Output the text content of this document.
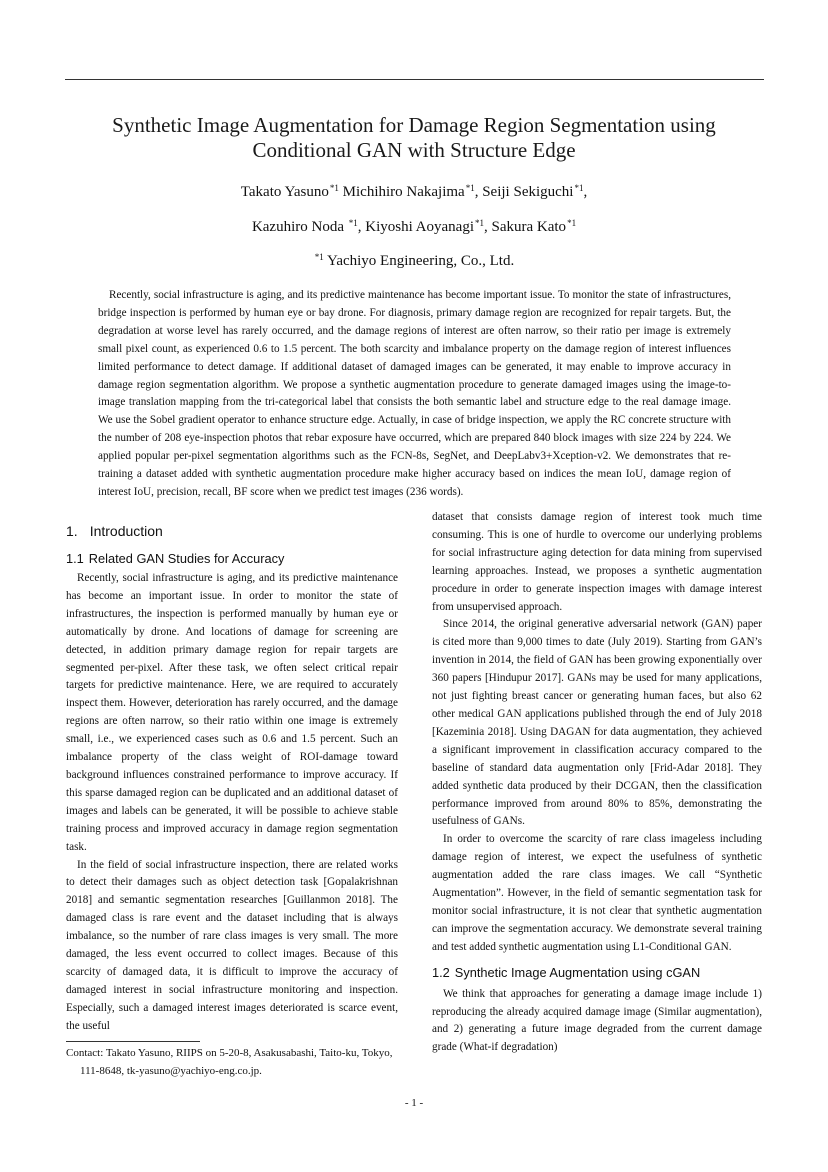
Synthetic Image Augmentation for Damage Region Segmentation using
Conditional GAN with Structure Edge
Takato Yasuno$^{*1}$ Michihiro Nakajima$^{*1}$, Seiji Sekiguchi$^{*1}$,
Kazuhiro Noda $^{*1}$, Kiyoshi Aoyanagi$^{*1}$, Sakura Kato$^{*1}$
$^{*1}$ Yachiyo Engineering, Co., Ltd.
Recently, social infrastructure is aging, and its predictive maintenance has become important issue. To monitor the state of infrastructures, bridge inspection is performed by human eye or bay drone. For diagnosis, primary damage region are recognized for repair targets. But, the degradation at worse level has rarely occurred, and the damage regions of interest are often narrow, so their ratio per image is extremely small pixel count, as experienced 0.6 to 1.5 percent. The both scarcity and imbalance property on the damage region of interest influences limited performance to detect damage. If additional dataset of damaged images can be generated, it may enable to improve accuracy in damage region segmentation algorithm. We propose a synthetic augmentation procedure to generate damaged images using the image-to-image translation mapping from the tri-categorical label that consists the both semantic label and structure edge to the real damage image. We use the Sobel gradient operator to enhance structure edge. Actually, in case of bridge inspection, we apply the RC concrete structure with the number of 208 eye-inspection photos that rebar exposure have occurred, which are prepared 840 block images with size 224 by 224. We applied popular per-pixel segmentation algorithms such as the FCN-8s, SegNet, and DeepLabv3+Xception-v2. We demonstrates that re-training a dataset added with synthetic augmentation procedure make higher accuracy based on indices the mean IoU, damage region of interest IoU, precision, recall, BF score when we predict test images (236 words).
1. Introduction
1.1 Related GAN Studies for Accuracy

Recently, social infrastructure is aging, and its predictive maintenance has become an important issue. In order to monitor the state of infrastructures, the inspection is performed manually by human eye or automatically by drone. And locations of damage for screening are detected, in addition primary damage region for repair targets are segmented per-pixel. After these task, we often select critical repair targets for predictive maintenance. Here, we are required to accurately inspect them. However, deterioration has rarely occurred, and the damage regions are often narrow, so their ratio within one image is extremely small, i.e., we experienced cases such as 0.6 and 1.5 percent. Such an imbalance property of the class weight of ROI-damage toward background influences constrained performance to improve accuracy. If this sparse damaged region can be duplicated and an additional dataset of images and labels can be generated, it will be possible to achieve stable training process and improved accuracy in damage region segmentation task.

In the field of social infrastructure inspection, there are related works to detect their damages such as object detection task [Gopalakrishnan 2018] and semantic segmentation researches [Guillanmon 2018]. The damaged class is rare event and the dataset including that is always imbalance, so the number of rare class images is very small. The more damaged, the less event occurred to collect images. Because of this scarcity of damaged data, it is difficult to improve the accuracy of damaged interest in social infrastructure monitoring and inspection. Especially, such a damaged interest images deteriorated is scarce event, the useful

dataset that consists damage region of interest took much time consuming. This is one of hurdle to overcome our underlying problems for social infrastructure aging detection for data mining from supervised learning approaches. Instead, we proposes a synthetic augmentation procedure in order to generate inspection images with damage interest from unsupervised approach.

Since 2014, the original generative adversarial network (GAN) paper is cited more than 9,000 times to date (July 2019). Starting from GAN’s invention in 2014, the field of GAN has been growing exponentially over 360 papers [Hindupur 2017]. GANs may be used for many applications, not just fighting breast cancer or generating human faces, but also 62 other medical GAN applications published through the end of July 2018 [Kazeminia 2018]. Using DAGAN for data augmentation, they achieved a significant improvement in classification accuracy compared to the baseline of standard data augmentation only [Frid-Adar 2018]. They added synthetic data produced by their DCGAN, then the classification performance improved from around 80% to 85%, demonstrating the usefulness of GANs.

In order to overcome the scarcity of rare class imageless including damage region of interest, we expect the usefulness of synthetic augmentation added the rare class images. We call “Synthetic Augmentation”. However, in the field of semantic segmentation task for monitor social infrastructure, it is not clear that synthetic augmentation can improve the segmentation accuracy. We demonstrate several training and test added synthetic augmentation using L1-Conditional GAN.

1.2 Synthetic Image Augmentation using cGAN

We think that approaches for generating a damage image include 1) reproducing the already acquired damage image (Similar augmentation), and 2) generating a future image degraded from the current damage grade (What-if degradation)

Contact: Takato Yasuno, RIIPS on 5-20-8, Asakusabashi, Taito-ku, Tokyo, 111-8648, tk-yasuno@yachiyo-eng.co.jp.
- 1 -
